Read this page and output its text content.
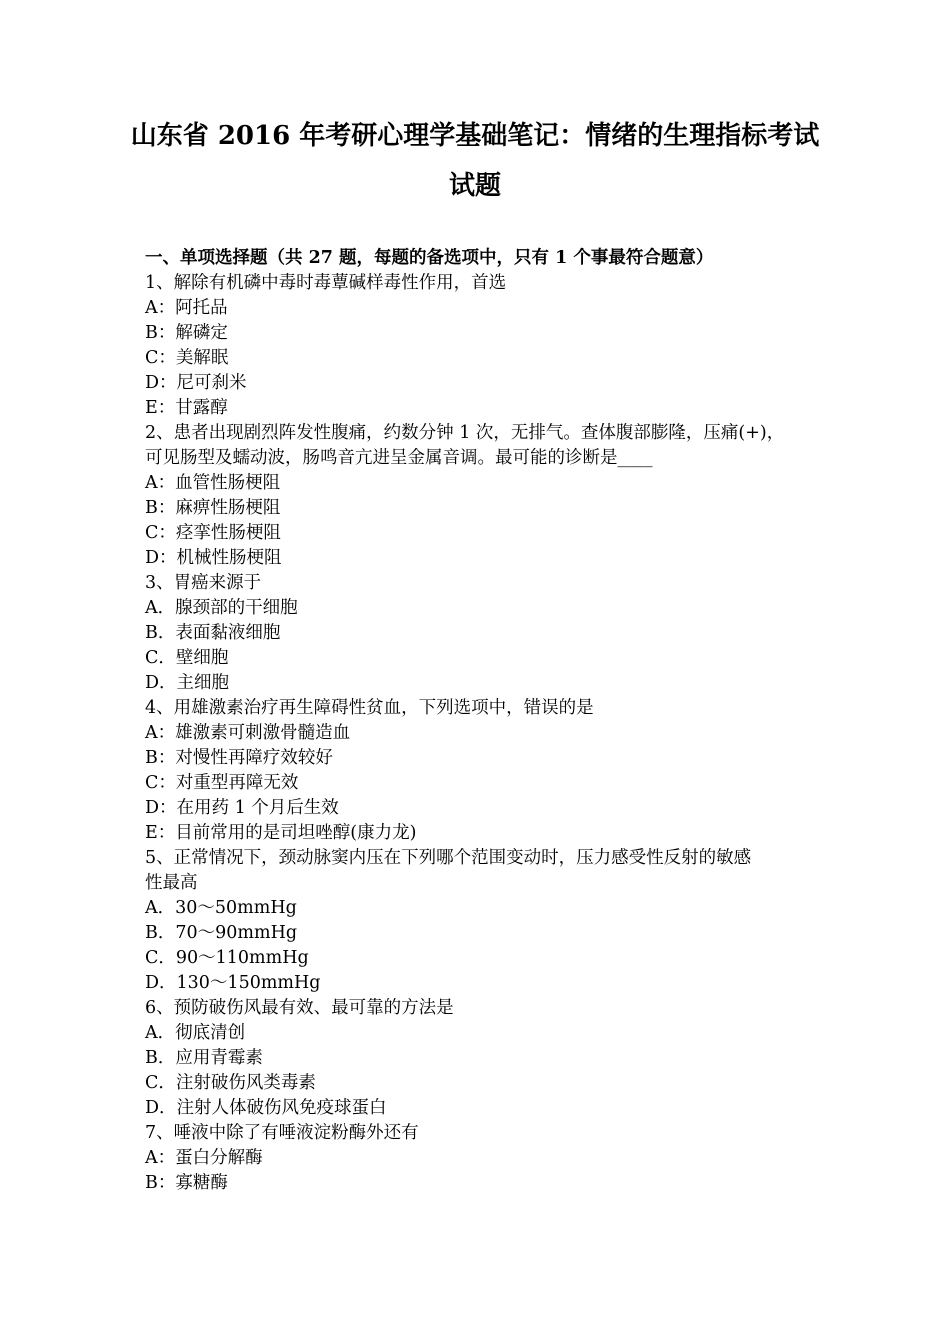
山东省 2016 年考研心理学基础笔记：情绪的生理指标考试
试题
一、单项选择题（共 27 题，每题的备选项中，只有 1 个事最符合题意）
1、解除有机磷中毒时毒蕈碱样毒性作用，首选
A：阿托品
B：解磷定
C：美解眠
D：尼可刹米
E：甘露醇
2、患者出现剧烈阵发性腹痛，约数分钟 1 次，无排气。查体腹部膨隆，压痛(+)，
可见肠型及蠕动波，肠鸣音亢进呈金属音调。最可能的诊断是____
A：血管性肠梗阻
B：麻痹性肠梗阻
C：痉挛性肠梗阻
D：机械性肠梗阻
3、胃癌来源于
A．腺颈部的干细胞
B．表面黏液细胞
C．壁细胞
D．主细胞
4、用雄激素治疗再生障碍性贫血，下列选项中，错误的是
A：雄激素可刺激骨髓造血
B：对慢性再障疗效较好
C：对重型再障无效
D：在用药 1 个月后生效
E：目前常用的是司坦唑醇(康力龙)
5、正常情况下，颈动脉窦内压在下列哪个范围变动时，压力感受性反射的敏感
性最高
A．30～50mmHg
B．70～90mmHg
C．90～110mmHg
D．130～150mmHg
6、预防破伤风最有效、最可靠的方法是
A．彻底清创
B．应用青霉素
C．注射破伤风类毒素
D．注射人体破伤风免疫球蛋白
7、唾液中除了有唾液淀粉酶外还有
A：蛋白分解酶
B：寡糖酶
